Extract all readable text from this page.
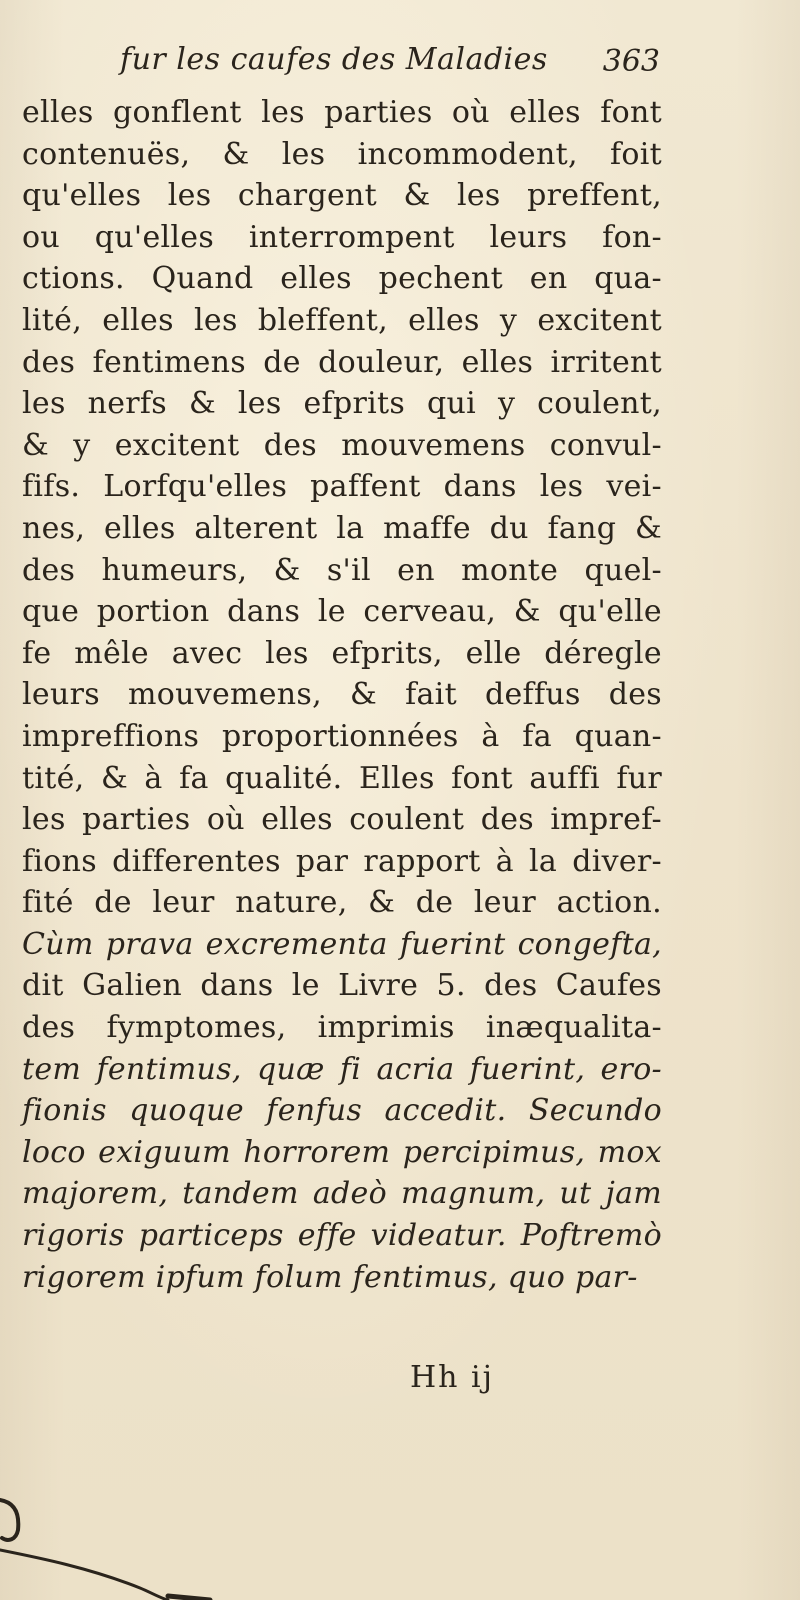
fur les caufes des Maladies 363
elles gonflent les parties où elles font
contenuës, & les incommodent, foit
qu'elles les chargent & les preffent,
ou qu'elles interrompent leurs fon-
ctions. Quand elles pechent en qua-
lité, elles les bleffent, elles y excitent
des fentimens de douleur, elles irritent
les nerfs & les efprits qui y coulent,
& y excitent des mouvemens convul-
fifs. Lorfqu'elles paffent dans les vei-
nes, elles alterent la maffe du fang &
des humeurs, & s'il en monte quel-
que portion dans le cerveau, & qu'elle
fe mêle avec les efprits, elle déregle
leurs mouvemens, & fait deffus des
impreffions proportionnées à fa quan-
tité, & à fa qualité. Elles font auffi fur
les parties où elles coulent des impref-
fions differentes par rapport à la diver-
fité de leur nature, & de leur action.
Cùm prava excrementa fuerint congefta,
dit Galien dans le Livre 5. des Caufes
des fymptomes, imprimis inæqualita-
tem fentimus, quæ fi acria fuerint, ero-
fionis quoque fenfus accedit. Secundo
loco exiguum horrorem percipimus, mox
majorem, tandem adeò magnum, ut jam
rigoris particeps effe videatur. Poftremò
rigorem ipfum folum fentimus, quo par-
Hh ij
